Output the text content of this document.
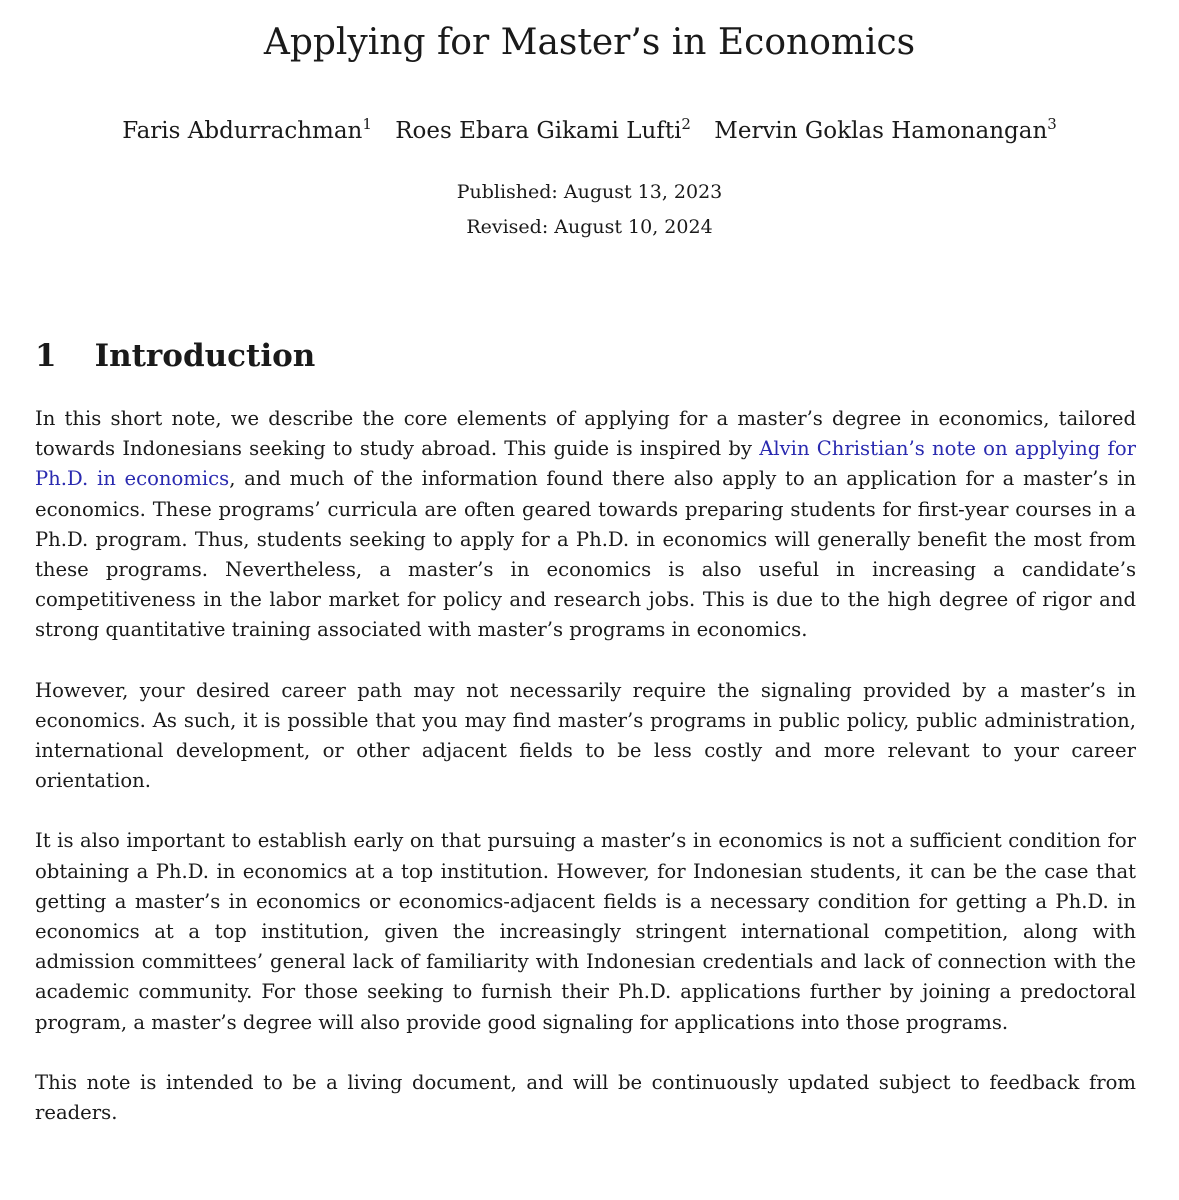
Applying for Master’s in Economics
Faris Abdurrachman$^1$ Roes Ebara Gikami Lufti$^2$ Mervin Goklas Hamonangan$^3$
Published: August 13, 2023
Revised: August 10, 2024
1 Introduction

In this short note, we describe the core elements of applying for a master’s degree in economics, tailored towards Indonesians seeking to study abroad. This guide is inspired by Alvin Christian’s note on applying for Ph.D. in economics, and much of the information found there also apply to an application for a master’s in economics. These programs’ curricula are often geared towards preparing students for first-year courses in a Ph.D. program. Thus, students seeking to apply for a Ph.D. in economics will generally benefit the most from these programs. Nevertheless, a master’s in economics is also useful in increasing a candidate’s competitiveness in the labor market for policy and research jobs. This is due to the high degree of rigor and strong quantitative training associated with master’s programs in economics.

However, your desired career path may not necessarily require the signaling provided by a master’s in economics. As such, it is possible that you may find master’s programs in public policy, public administration, international development, or other adjacent fields to be less costly and more relevant to your career orientation.

It is also important to establish early on that pursuing a master’s in economics is not a sufficient condition for obtaining a Ph.D. in economics at a top institution. However, for Indonesian students, it can be the case that getting a master’s in economics or economics-adjacent fields is a necessary condition for getting a Ph.D. in economics at a top institution, given the increasingly stringent international competition, along with admission committees’ general lack of familiarity with Indonesian credentials and lack of connection with the academic community. For those seeking to furnish their Ph.D. applications further by joining a predoctoral program, a master’s degree will also provide good signaling for applications into those programs.

This note is intended to be a living document, and will be continuously updated subject to feedback from readers.
